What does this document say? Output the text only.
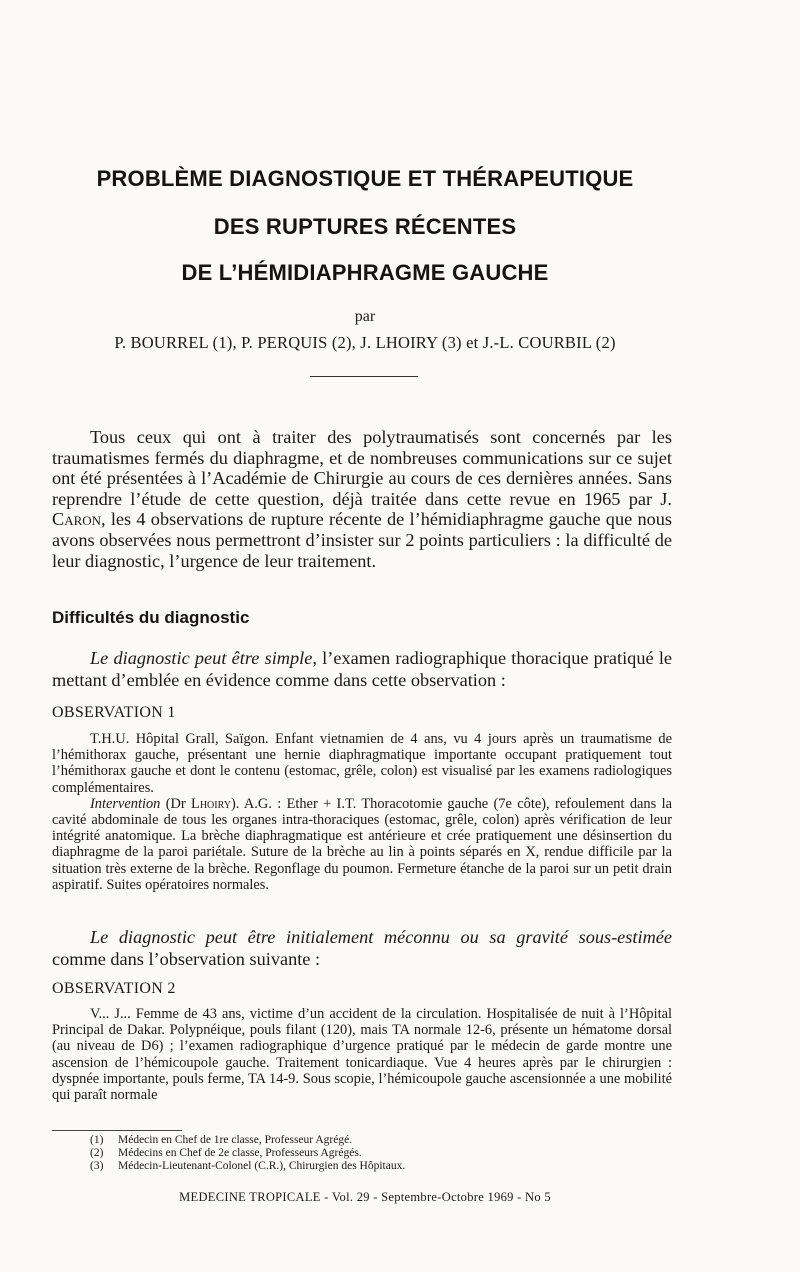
PROBLÈME DIAGNOSTIQUE ET THÉRAPEUTIQUE
DES RUPTURES RÉCENTES
DE L’HÉMIDIAPHRAGME GAUCHE
par
P. BOURREL (1), P. PERQUIS (2), J. LHOIRY (3) et J.-L. COURBIL (2)

Tous ceux qui ont à traiter des polytraumatisés sont concernés par les traumatismes fermés du diaphragme, et de nombreuses communications sur ce sujet ont été présentées à l’Académie de Chirurgie au cours de ces dernières années. Sans reprendre l’étude de cette question, déjà traitée dans cette revue en 1965 par J. Caron, les 4 observations de rupture récente de l’hémidiaphragme gauche que nous avons observées nous permettront d’insister sur 2 points particuliers : la difficulté de leur diagnostic, l’urgence de leur traitement.

Difficultés du diagnostic

Le diagnostic peut être simple, l’examen radiographique thoracique pratiqué le mettant d’emblée en évidence comme dans cette observation :

OBSERVATION 1

T.H.U. Hôpital Grall, Saïgon. Enfant vietnamien de 4 ans, vu 4 jours après un traumatisme de l’hémithorax gauche, présentant une hernie diaphragmatique importante occupant pratiquement tout l’hémithorax gauche et dont le contenu (estomac, grêle, colon) est visualisé par les examens radiologiques complémentaires.

Intervention (Dr Lhoiry). A.G. : Ether + I.T. Thoracotomie gauche (7e côte), refoulement dans la cavité abdominale de tous les organes intra-thoraciques (estomac, grêle, colon) après vérification de leur intégrité anatomique. La brèche diaphragmatique est antérieure et crée pratiquement une désinsertion du diaphragme de la paroi pariétale. Suture de la brèche au lin à points séparés en X, rendue difficile par la situation très externe de la brèche. Regonflage du poumon. Fermeture étanche de la paroi sur un petit drain aspiratif. Suites opératoires normales.

Le diagnostic peut être initialement méconnu ou sa gravité sous-estimée comme dans l’observation suivante :

OBSERVATION 2

V... J... Femme de 43 ans, victime d’un accident de la circulation. Hospitalisée de nuit à l’Hôpital Principal de Dakar. Polypnéique, pouls filant (120), mais TA normale 12-6, présente un hématome dorsal (au niveau de D6) ; l’examen radiographique d’urgence pratiqué par le médecin de garde montre une ascension de l’hémicoupole gauche. Traitement tonicardiaque. Vue 4 heures après par le chirurgien : dyspnée importante, pouls ferme, TA 14-9. Sous scopie, l’hémicoupole gauche ascensionnée a une mobilité qui paraît normale

(1)	Médecin en Chef de 1re classe, Professeur Agrégé.
(2)	Médecins en Chef de 2e classe, Professeurs Agrégés.
(3)	Médecin-Lieutenant-Colonel (C.R.), Chirurgien des Hôpitaux.
MEDECINE TROPICALE - Vol. 29 - Septembre-Octobre 1969 - No 5
